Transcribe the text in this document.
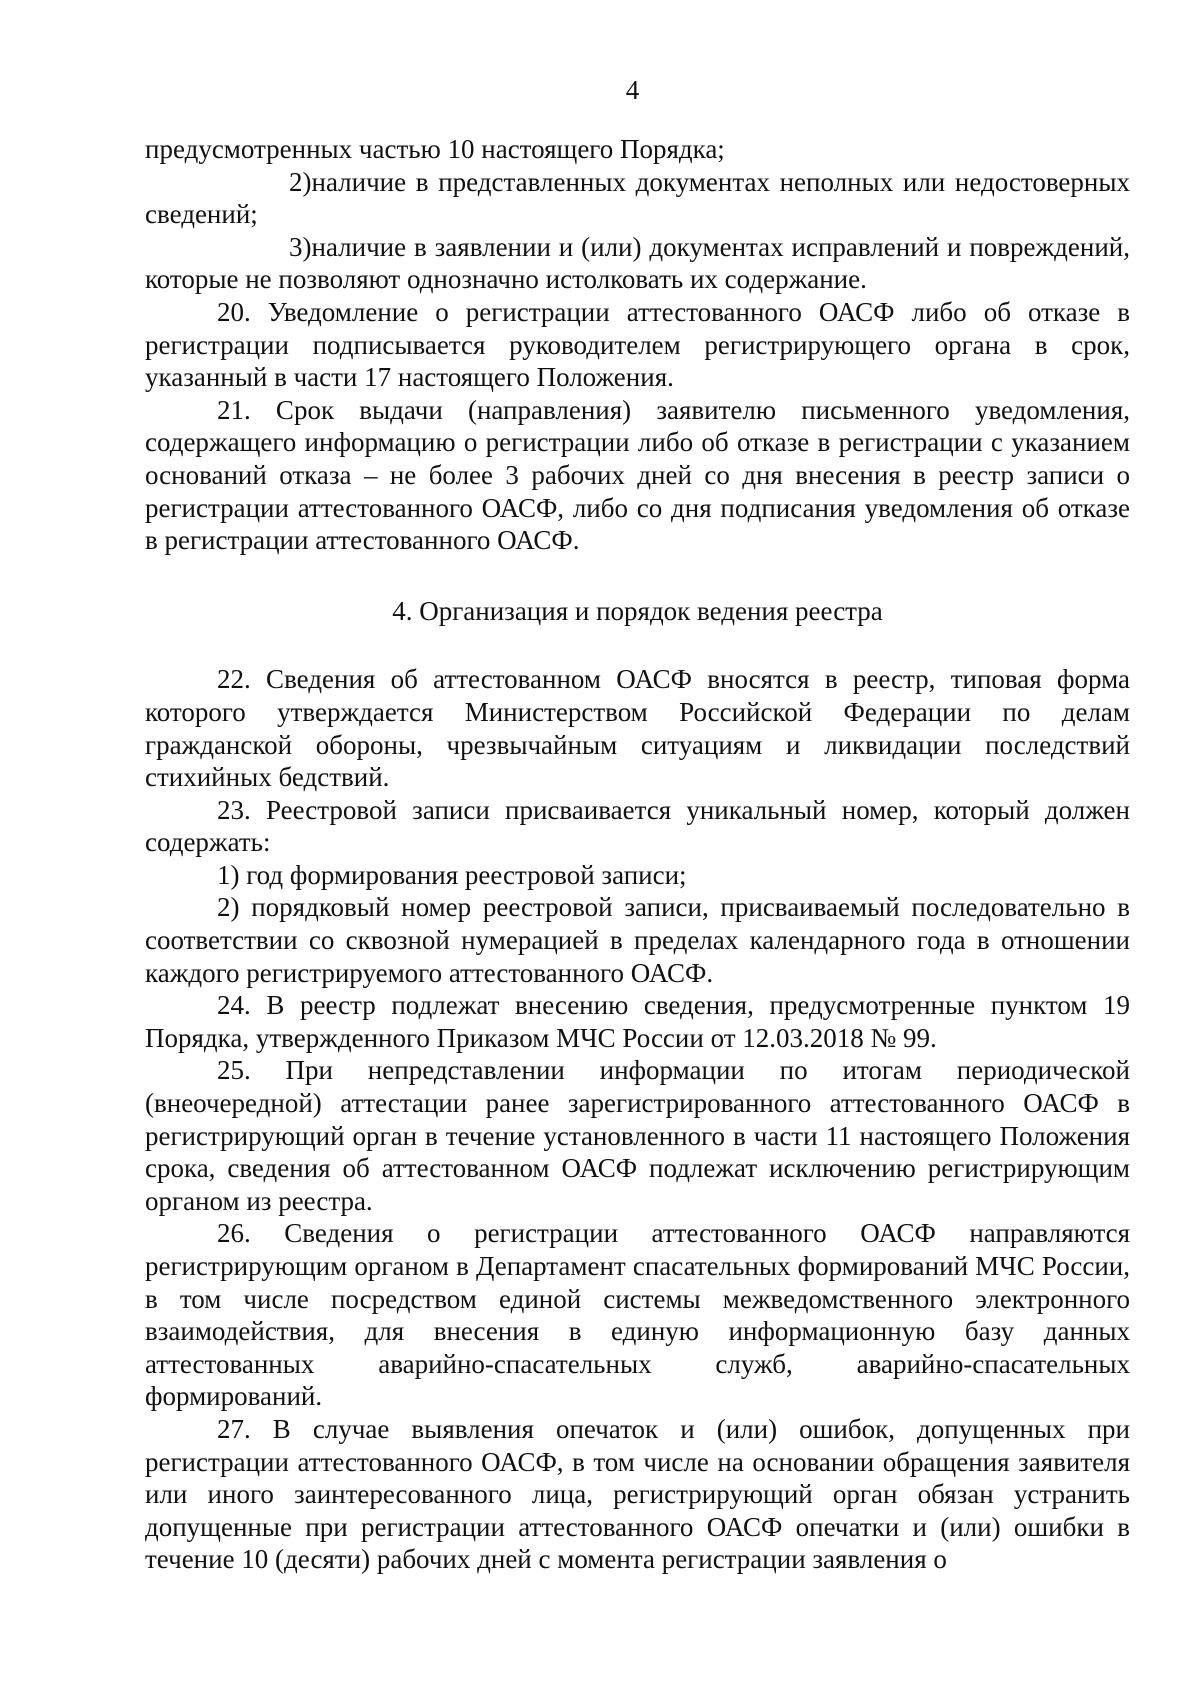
4

предусмотренных частью 10 настоящего Порядка;

2)наличие в представленных документах неполных или недостоверных сведений;

3)наличие в заявлении и (или) документах исправлений и повреждений, которые не позволяют однозначно истолковать их содержание.

20. Уведомление о регистрации аттестованного ОАСФ либо об отказе в регистрации подписывается руководителем регистрирующего органа в срок, указанный в части 17 настоящего Положения.

21. Срок выдачи (направления) заявителю письменного уведомления, содержащего информацию о регистрации либо об отказе в регистрации с указанием оснований отказа – не более 3 рабочих дней со дня внесения в реестр записи о регистрации аттестованного ОАСФ, либо со дня подписания уведомления об отказе в регистрации аттестованного ОАСФ.

4. Организация и порядок ведения реестра

22. Сведения об аттестованном ОАСФ вносятся в реестр, типовая форма которого утверждается Министерством Российской Федерации по делам гражданской обороны, чрезвычайным ситуациям и ликвидации последствий стихийных бедствий.

23. Реестровой записи присваивается уникальный номер, который должен содержать:

1) год формирования реестровой записи;

2) порядковый номер реестровой записи, присваиваемый последовательно в соответствии со сквозной нумерацией в пределах календарного года в отношении каждого регистрируемого аттестованного ОАСФ.

24. В реестр подлежат внесению сведения, предусмотренные пунктом 19 Порядка, утвержденного Приказом МЧС России от 12.03.2018 № 99.

25. При непредставлении информации по итогам периодической (внеочередной) аттестации ранее зарегистрированного аттестованного ОАСФ в регистрирующий орган в течение установленного в части 11 настоящего Положения срока, сведения об аттестованном ОАСФ подлежат исключению регистрирующим органом из реестра.

26. Сведения о регистрации аттестованного ОАСФ направляются регистрирующим органом в Департамент спасательных формирований МЧС России, в том числе посредством единой системы межведомственного электронного взаимодействия, для внесения в единую информационную базу данных аттестованных аварийно-спасательных служб, аварийно-спасательных формирований.

27. В случае выявления опечаток и (или) ошибок, допущенных при регистрации аттестованного ОАСФ, в том числе на основании обращения заявителя или иного заинтересованного лица, регистрирующий орган обязан устранить допущенные при регистрации аттестованного ОАСФ опечатки и (или) ошибки в течение 10 (десяти) рабочих дней с момента регистрации заявления о
